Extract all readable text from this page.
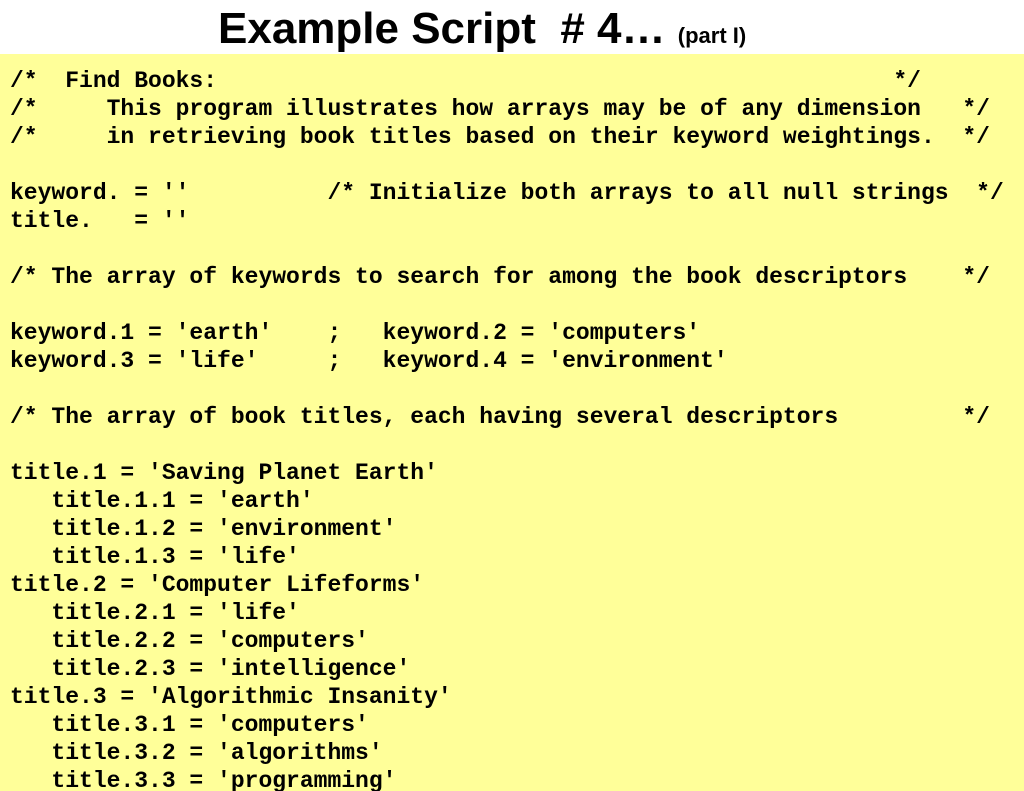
Example Script  # 4… (part I)
/*  Find Books:                                                 */
/*     This program illustrates how arrays may be of any dimension   */
/*     in retrieving book titles based on their keyword weightings.  */
keyword. = ''          /* Initialize both arrays to all null strings  */
title.   = ''
/* The array of keywords to search for among the book descriptors    */
keyword.1 = 'earth'    ;   keyword.2 = 'computers'
keyword.3 = 'life'     ;   keyword.4 = 'environment'
/* The array of book titles, each having several descriptors         */
title.1 = 'Saving Planet Earth'
title.1.1 = 'earth'
title.1.2 = 'environment'
title.1.3 = 'life'
title.2 = 'Computer Lifeforms'
title.2.1 = 'life'
title.2.2 = 'computers'
title.2.3 = 'intelligence'
title.3 = 'Algorithmic Insanity'
title.3.1 = 'computers'
title.3.2 = 'algorithms'
title.3.3 = 'programming'
